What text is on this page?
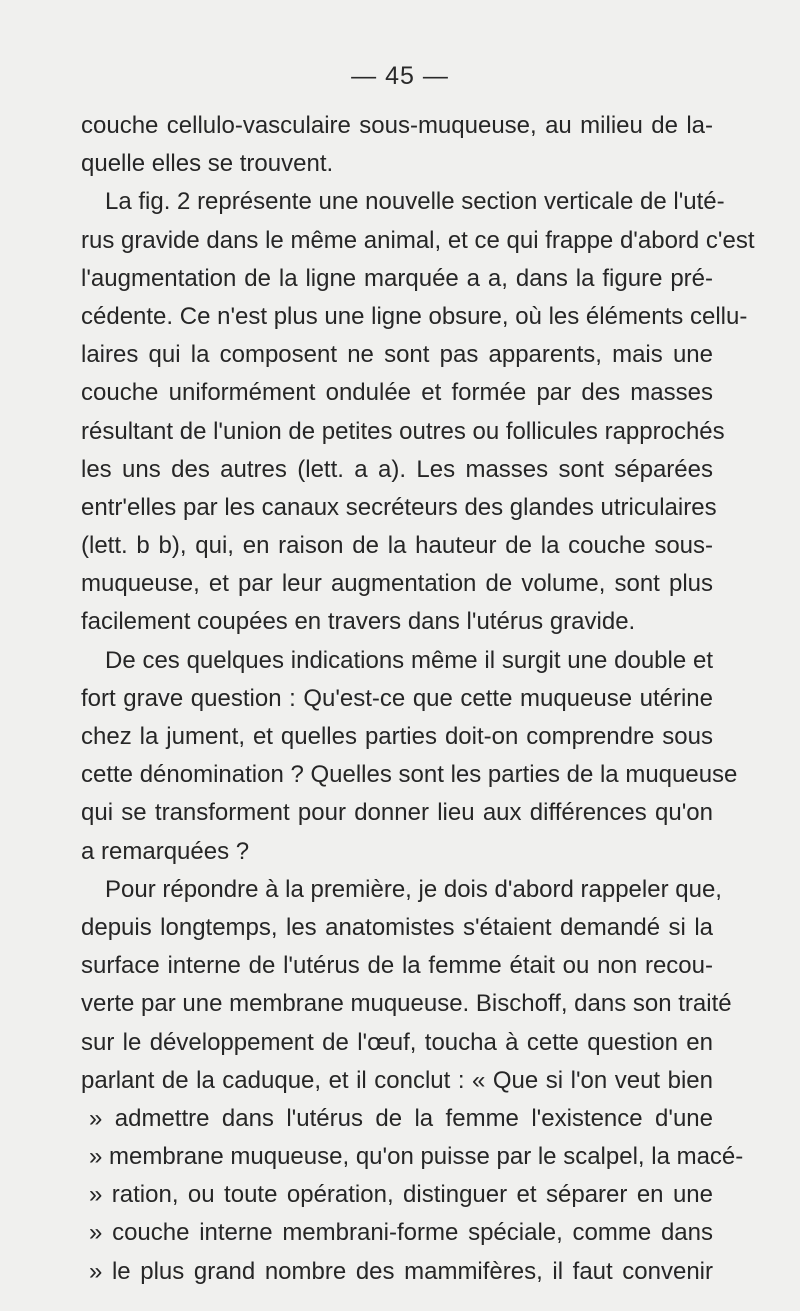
— 45 —
couche cellulo-vasculaire sous-muqueuse, au milieu de la-
quelle elles se trouvent.
La fig. 2 représente une nouvelle section verticale de l'uté-
rus gravide dans le même animal, et ce qui frappe d'abord c'est
l'augmentation de la ligne marquée a a, dans la figure pré-
cédente. Ce n'est plus une ligne obsure, où les éléments cellu-
laires qui la composent ne sont pas apparents, mais une
couche uniformément ondulée et formée par des masses
résultant de l'union de petites outres ou follicules rapprochés
les uns des autres (lett. a a). Les masses sont séparées
entr'elles par les canaux secréteurs des glandes utriculaires
(lett. b b), qui, en raison de la hauteur de la couche sous-
muqueuse, et par leur augmentation de volume, sont plus
facilement coupées en travers dans l'utérus gravide.
De ces quelques indications même il surgit une double et
fort grave question : Qu'est-ce que cette muqueuse utérine
chez la jument, et quelles parties doit-on comprendre sous
cette dénomination ? Quelles sont les parties de la muqueuse
qui se transforment pour donner lieu aux différences qu'on
a remarquées ?
Pour répondre à la première, je dois d'abord rappeler que,
depuis longtemps, les anatomistes s'étaient demandé si la
surface interne de l'utérus de la femme était ou non recou-
verte par une membrane muqueuse. Bischoff, dans son traité
sur le développement de l'œuf, toucha à cette question en
parlant de la caduque, et il conclut : « Que si l'on veut bien
» admettre dans l'utérus de la femme l'existence d'une
» membrane muqueuse, qu'on puisse par le scalpel, la macé-
» ration, ou toute opération, distinguer et séparer en une
» couche interne membrani-forme spéciale, comme dans
» le plus grand nombre des mammifères, il faut convenir
